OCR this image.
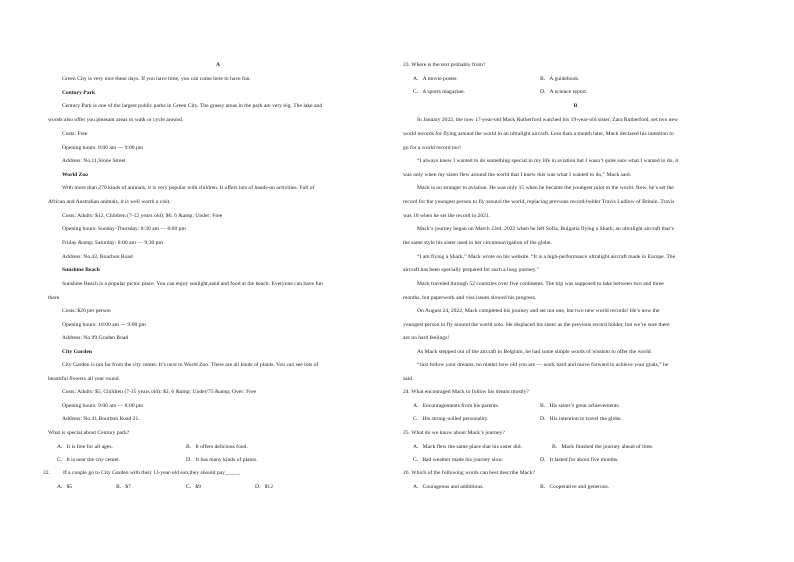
A
Green City is very nice these days. If you have time, you can come here to have fun.
Century Park
Century Park is one of the largest public parks in Green City. The grassy areas in the park are very big. The lake and
woods also offer you pleasant areas to walk or cycle around.
Costs: Free
Opening hours: 8:00 am — 9:00 pm
Address: No.11,Stone Street
World Zoo
With more than 270 kinds of animals, it is very popular with children. It offers lots of hands-on activities. Full of
African and Australian animals, it is well worth a visit.
Costs: Adults: $12, Children (7-12 years old): $6, 6 &amp; Under: Free
Opening hours: Sunday-Thursday: 8:30 am — 8:00 pm
Friday &amp; Saturday: 8:00 am — 9:30 pm
Address: No.42, Bourbon Road
Sunshine Beach
Sunshine Beach is a popular picnic place. You can enjoy sunlight,sand and food at the beach. Everyone can have fun
there.
Costs: $20 per person
Opening hours: 10:00 am — 9:00 pm
Address: No.99,Graden Road
City Garden
City Garden is not far from the city center. It’s next to World Zoo. There are all kinds of plants. You can see lots of
beautiful flowers all year round.
Costs: Adults: $5, Children (7-15 years old): $2, 6 &amp; Under/75 &amp; Over: Free
Opening hours: 9:00 am — 8:00 pm
Address: No.41,Bourbon Road 21．
What is special about Century park?
A．It is free for all ages.	B．It offers delicious food.
C．It is near the city center.	D．It has many kinds of plants.
22. If a couple go to City Garden with their 13-year-old son,they should pay_____.
A．$5	B．$7	C．$9	D．$12
23. Where is the text probably from?
A．A movie poster.	B．A guidebook.
C．A sports magazine.	D．A science report.
B
In January 2022, the now 17-year-old Mack Rutherford watched his 19-year-old sister, Zara Rutherford, set two new
world records for flying around the world in an ultralight aircraft. Less than a month later, Mack declared his intention to
go for a world record too!
“I always knew I wanted to do something special in my life in aviation but I wasn’t quite sure what I wanted to do, it
was only when my sister flew around the world that I knew this was what I wanted to do,” Mack said.
Mack is no stranger to aviation. He was only 15 when he became the youngest pilot in the world. Now, he’s set the
record for the youngest person to fly around the world, replacing previous record-holder Travis Ludlow of Britain. Travis
was 18 when he set the record in 2021.
Mack’s journey began on March 23rd, 2022 when he left Sofia, Bulgaria flying a Shark, an ultralight aircraft that’s
the same style his sister used in her circumnavigation of the globe.
“I am flying a Shark,” Mack wrote on his website. “It is a high-performance ultralight aircraft made in Europe. The
aircraft has been specially prepared for such a long journey.”
Mack traveled through 52 countries over five continents. The trip was supposed to take between two and three
months, but paperwork and visa issues slowed his progress.
On August 24, 2022, Mack completed his journey and set not one, but two new world records! He’s now the
youngest person to fly around the world solo. He displaced his sister as the previous record holder, but we’re sure there
are no hard feelings!
As Mack stepped out of the aircraft in Belgium, he had some simple words of wisdom to offer the world.
“Just follow your dreams, no matter how old you are — work hard and move forward to achieve your goals,” he
said.
24. What encouraged Mack to follow his dream mostly?
A．Encouragements from his parents.	B．His sister’s great achievements.
C．His strong-willed personality.	D．His intention to travel the globe.
25. What do we know about Mack’s journey?
A．Mack flew the same place that his sister did.	B．Mack finished the journey ahead of time.
C．Bad weather made his journey slow.	D．It lasted for about five months.
26. Which of the following words can best describe Mack?
A．Courageous and ambitious.	B．Cooperative and generous.
